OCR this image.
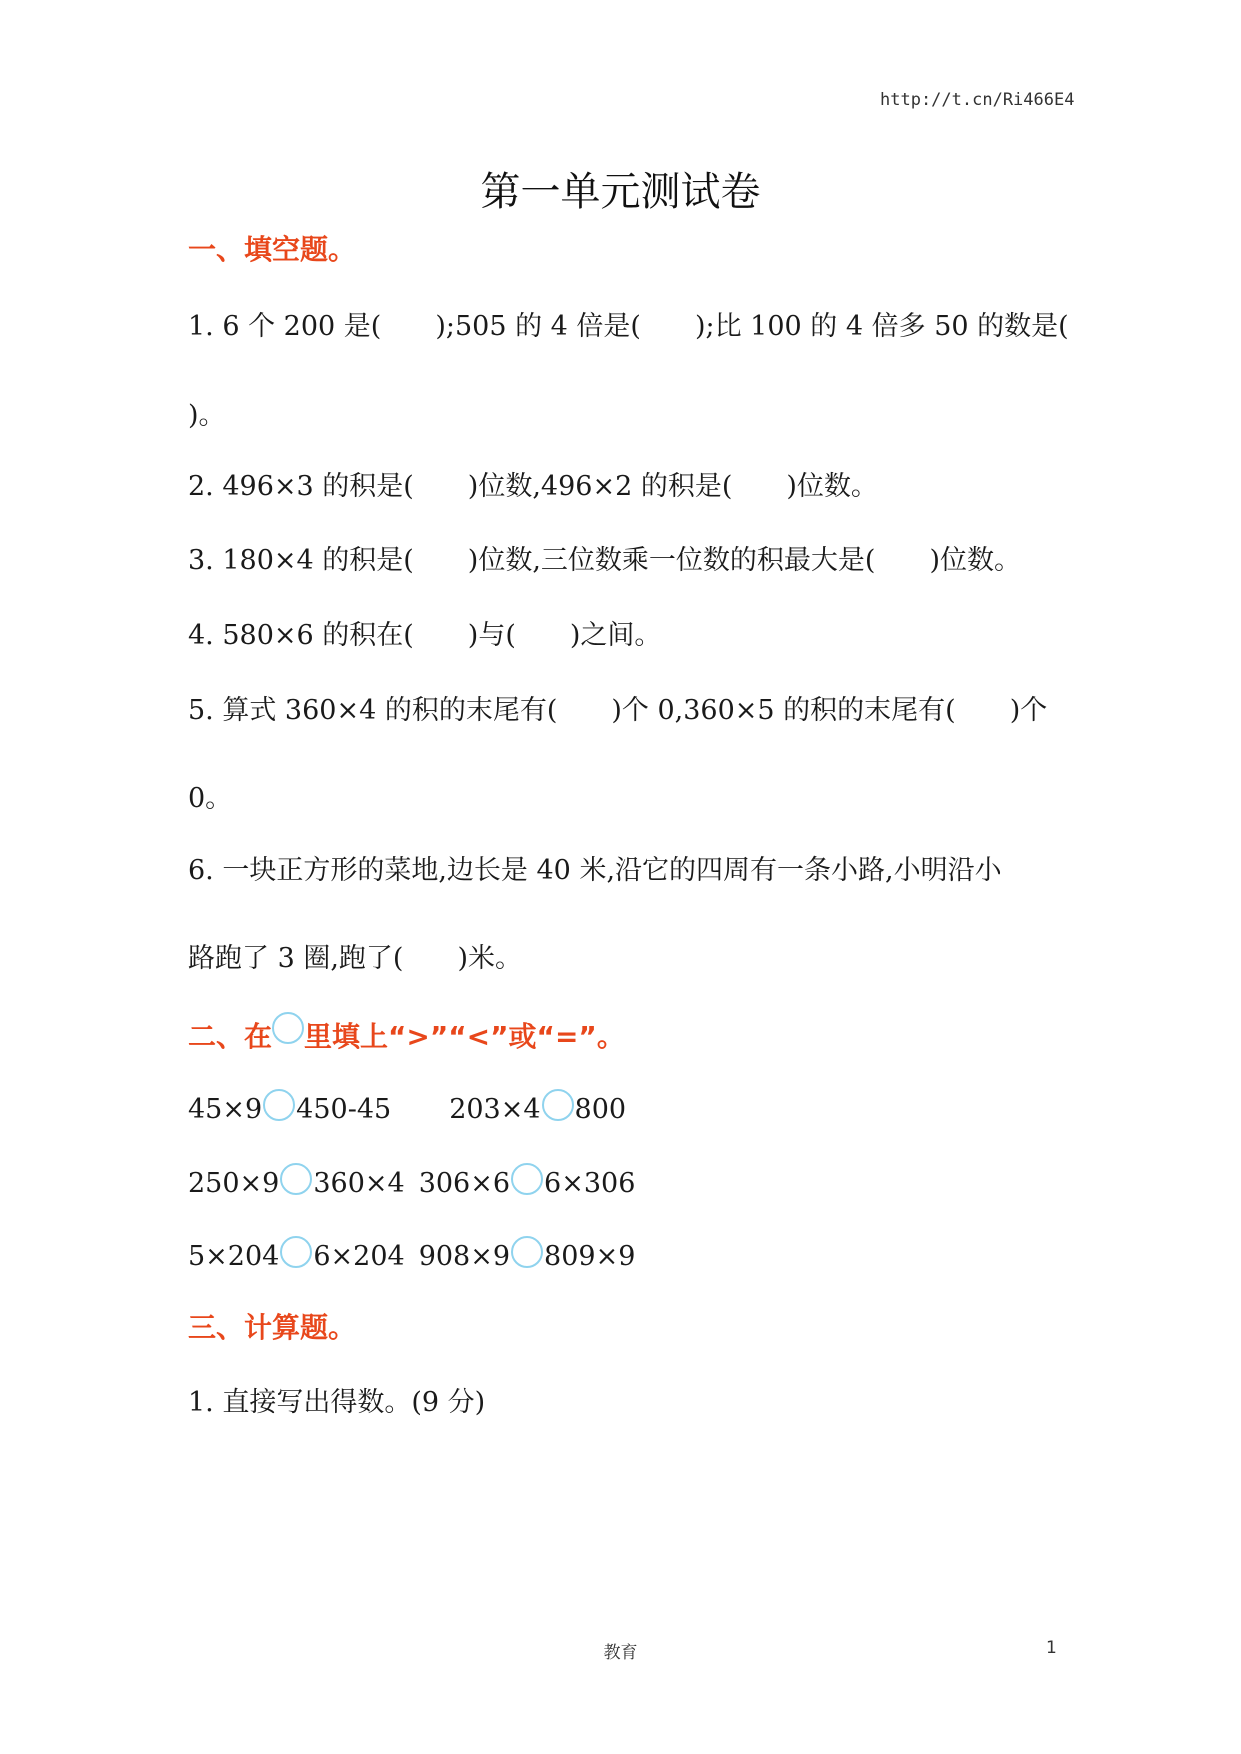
http://t.cn/Ri466E4
第一单元测试卷
一、填空题。
1. 6 个 200 是(　　);505 的 4 倍是(　　);比 100 的 4 倍多 50 的数是(
)。
2. 496×3 的积是(　　)位数,496×2 的积是(　　)位数。
3. 180×4 的积是(　　)位数,三位数乘一位数的积最大是(　　)位数。
4. 580×6 的积在(　　)与(　　)之间。
5. 算式 360×4 的积的末尾有(　　)个 0,360×5 的积的末尾有(　　)个
0。
6. 一块正方形的菜地,边长是 40 米,沿它的四周有一条小路,小明沿小
路跑了 3 圈,跑了(　　)米。
二、在 里填上“>”“<”或“=”。
45×9 450-45 203×4 800
250×9 360×4 306×6 6×306
5×204 6×204 908×9 809×9
三、计算题。
1. 直接写出得数。(9 分)
教育	1
